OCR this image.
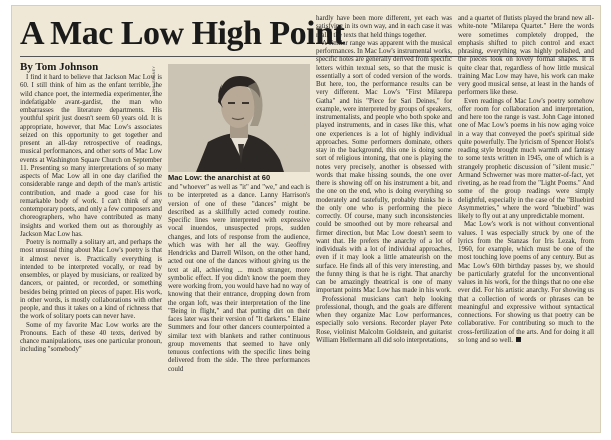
A Mac Low High Point
By Tom Johnson

I find it hard to believe that Jackson Mac Low is 60. I still think of him as the enfant terrible, the wild chance poet, the intermedia experimenter, the indefatigable avant-gardist, the man who embarrasses the literature departments. His youthful spirit just doesn't seem 60 years old. It is appropriate, however, that Mac Low's associates seized on this opportunity to get together and present an all-day retrospective of readings, musical performances, and other sorts of Mac Low events at Washington Square Church on September 11. Presenting so many interpretations of so many aspects of Mac Low all in one day clarified the considerable range and depth of the man's artistic contribution, and made a good case for his remarkable body of work. I can't think of any contemporary poets, and only a few composers and choreographers, who have contributed as many insights and worked them out as thoroughly as Jackson Mac Low has.

Poetry is normally a solitary art, and perhaps the most unusual thing about Mac Low's poetry is that it almost never is. Practically everything is intended to be interpreted vocally, or read by ensembles, or played by musicians, or realized by dancers, or painted, or recorded, or something besides being printed on pieces of paper. His work, in other words, is mostly collaborations with other people, and thus it takes on a kind of richness that the work of solitary poets can never have.

Some of my favorite Mac Low works are the Pronouns. Each of these 40 texts, derived by chance manipulations, uses one particular pronoun, including "somebody"

MOHN SWANEY
Mac Low: the anarchist at 60

and "whoever" as well as "it" and "we," and each is to be interpreted as a dance. Lanny Harrison's version of one of these "dances" might be described as a skillfully acted comedy routine. Specific lines were interpreted with expressive vocal inuendos, unsuspected props, sudden changes, and lots of response from the audience, which was with her all the way. Geoffrey Hendricks and Darrell Wilson, on the other hand, acted out one of the dances without giving us the text at all, achieving ... much stranger, more symbolic effect. If you didn't know the poem they were working from, you would have had no way of knowing that their entrance, dropping down from the organ loft, was their interpretation of the line "Being in flight," and that putting dirt on their faces later was their version of "It darkens." Elaine Summers and four other dancers counterpointed a similar text with blankets and rather continuous group movements that seemed to have only tenuous confections with the specific lines being delivered from the side. The three performances could

hardly have been more different, yet each was satisfying in its own way, and in each case it was really the texts that held things together.

A similar range was apparent with the musical performances. In Mac Low's instrumental works, specific notes are generally derived from specific letters within textual sets, so that the music is essentially a sort of coded version of the words. But here, too, the performance results can be very different. Mac Low's "First Milarepa Gatha" and his "Piece for Sari Deines," for example, were interpreted by groups of speakers, instrumentalists, and people who both spoke and played instruments, and in cases like this, what one experiences is a lot of highly individual approaches. Some performers dominate, others stay in the background, this one is doing some sort of religious intoning, that one is playing the notes very precisely, another is obsessed with words that make hissing sounds, the one over there is showing off on his instrument a bit, and the one on the end, who is doing everything so moderately and tastefully, probably thinks he is the only one who is performing the piece correctly. Of course, many such inconsistencies could be smoothed out by more rehearsal and firmer direction, but Mac Low doesn't seem to want that. He prefers the anarchy of a lot of individuals with a lot of individual approaches, even if it may look a little amateurish on the surface. He finds all of this very interesting, and the funny thing is that he is right. That anarchy can be amazingly theatrical is one of many important points Mac Low has made in his work.

Professional musicians can't help looking professional, though, and the goals are different when they organize Mac Low performances, especially solo versions. Recorder player Pete Rose, violinist Malcolm Goldstein, and guitarist William Hellermann all did solo interpretations,

and a quartet of flutists played the brand new all-white-note "Milarepa Quartet." Here the words were sometimes completely dropped, the emphasis shifted to pitch control and exact phrasing, everything was highly polished, and the pieces took on lovely formal shapes. It is quite clear that, regardless of how little musical training Mac Low may have, his work can make very good musical sense, at least in the hands of performers like these.

Even readings of Mac Low's poetry somehow offer room for collaboration and interpretation, and here too the range is vast. John Cage intoned one of Mac Low's poems in his now aging voice in a way that conveyed the poet's spiritual side quite powerfully. The lyricism of Spencer Holst's reading style brought much warmth and fantasy to some texts written in 1945, one of which is a strangely prophetic discussion of "silent music." Armand Schwerner was more matter-of-fact, yet riveting, as he read from the "Light Poems." And some of the group readings were simply delightful, especially in the case of the "Bluebird Asymmetries," where the word "bluebird" was likely to fly out at any unpredictable moment.

Mac Low's work is not without conventional values. I was especially struck by one of the lyrics from the Stanzas for Iris Lezak, from 1960, for example, which must be one of the most touching love poems of any century. But as Mac Low's 60th birthday passes by, we should be particularly grateful for the unconventional values in his work, for the things that no one else ever did. For his artistic anarchy. For showing us that a collection of words or phrases can be meaningful and expressive without syntactical connections. For showing us that poetry can be collaborative. For contributing so much to the cross-fertilization of the arts. And for doing it all so long and so well.
